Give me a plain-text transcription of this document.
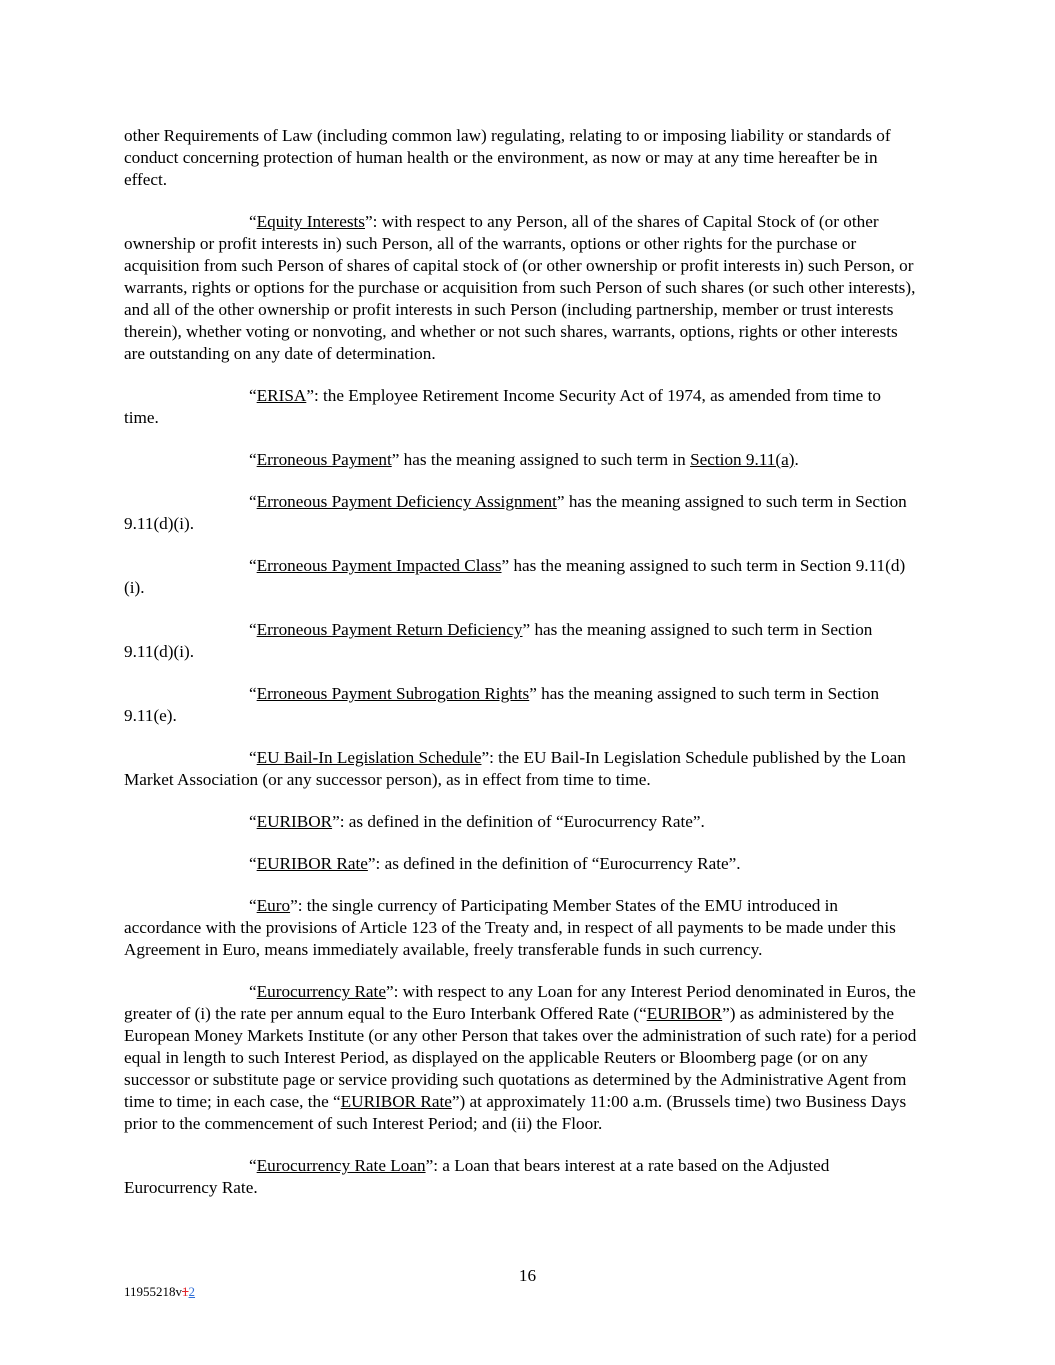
other Requirements of Law (including common law) regulating, relating to or imposing liability or standards of conduct concerning protection of human health or the environment, as now or may at any time hereafter be in effect.

“Equity Interests”: with respect to any Person, all of the shares of Capital Stock of (or other ownership or profit interests in) such Person, all of the warrants, options or other rights for the purchase or acquisition from such Person of shares of capital stock of (or other ownership or profit interests in) such Person, or warrants, rights or options for the purchase or acquisition from such Person of such shares (or such other interests), and all of the other ownership or profit interests in such Person (including partnership, member or trust interests therein), whether voting or nonvoting, and whether or not such shares, warrants, options, rights or other interests are outstanding on any date of determination.

“ERISA”: the Employee Retirement Income Security Act of 1974, as amended from time to time.

“Erroneous Payment” has the meaning assigned to such term in Section 9.11(a).

“Erroneous Payment Deficiency Assignment” has the meaning assigned to such term in Section 9.11(d)(i).

“Erroneous Payment Impacted Class” has the meaning assigned to such term in Section 9.11(d)(i).

“Erroneous Payment Return Deficiency” has the meaning assigned to such term in Section 9.11(d)(i).

“Erroneous Payment Subrogation Rights” has the meaning assigned to such term in Section 9.11(e).

“EU Bail-In Legislation Schedule”: the EU Bail-In Legislation Schedule published by the Loan Market Association (or any successor person), as in effect from time to time.

“EURIBOR”: as defined in the definition of “Eurocurrency Rate”.

“EURIBOR Rate”: as defined in the definition of “Eurocurrency Rate”.

“Euro”: the single currency of Participating Member States of the EMU introduced in accordance with the provisions of Article 123 of the Treaty and, in respect of all payments to be made under this Agreement in Euro, means immediately available, freely transferable funds in such currency.

“Eurocurrency Rate”: with respect to any Loan for any Interest Period denominated in Euros, the greater of (i) the rate per annum equal to the Euro Interbank Offered Rate (“EURIBOR”) as administered by the European Money Markets Institute (or any other Person that takes over the administration of such rate) for a period equal in length to such Interest Period, as displayed on the applicable Reuters or Bloomberg page (or on any successor or substitute page or service providing such quotations as determined by the Administrative Agent from time to time; in each case, the “EURIBOR Rate”) at approximately 11:00 a.m. (Brussels time) two Business Days prior to the commencement of such Interest Period; and (ii) the Floor.

“Eurocurrency Rate Loan”: a Loan that bears interest at a rate based on the Adjusted Eurocurrency Rate.

16
11955218v12
